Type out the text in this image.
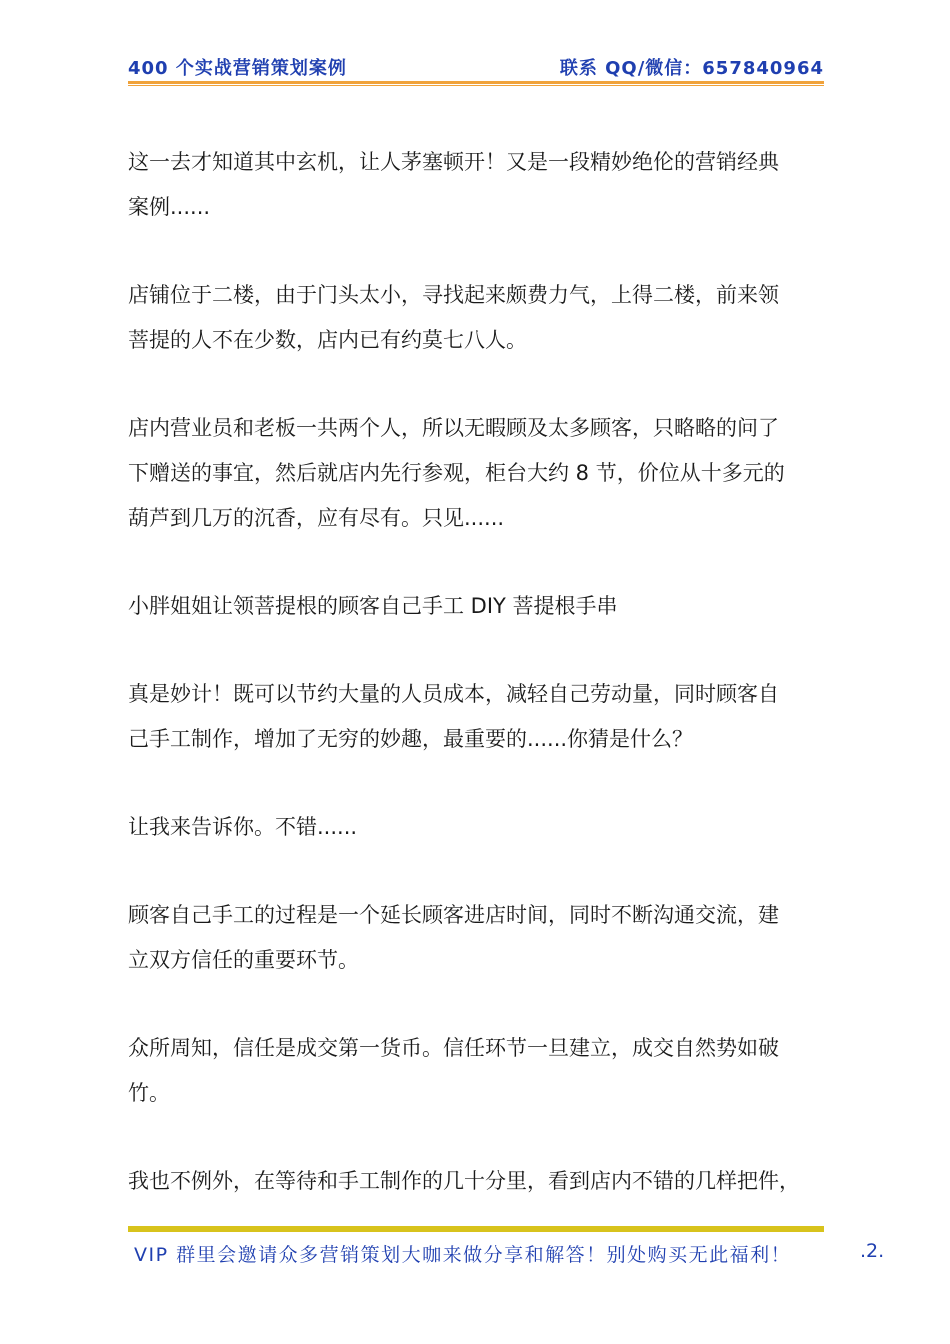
400 个实战营销策划案例	联系 QQ/微信：657840964

这一去才知道其中玄机，让人茅塞顿开！又是一段精妙绝伦的营销经典
案例......

店铺位于二楼，由于门头太小，寻找起来颇费力气，上得二楼，前来领
菩提的人不在少数，店内已有约莫七八人。

店内营业员和老板一共两个人，所以无暇顾及太多顾客，只略略的问了
下赠送的事宜，然后就店内先行参观，柜台大约 8 节，价位从十多元的
葫芦到几万的沉香，应有尽有。只见......

小胖姐姐让领菩提根的顾客自己手工 DIY 菩提根手串

真是妙计！既可以节约大量的人员成本，减轻自己劳动量，同时顾客自
己手工制作，增加了无穷的妙趣，最重要的......你猜是什么？

让我来告诉你。不错......

顾客自己手工的过程是一个延长顾客进店时间，同时不断沟通交流，建
立双方信任的重要环节。

众所周知，信任是成交第一货币。信任环节一旦建立，成交自然势如破
竹。

我也不例外，在等待和手工制作的几十分里，看到店内不错的几样把件，

VIP 群里会邀请众多营销策划大咖来做分享和解答！别处购买无此福利！	.2.
